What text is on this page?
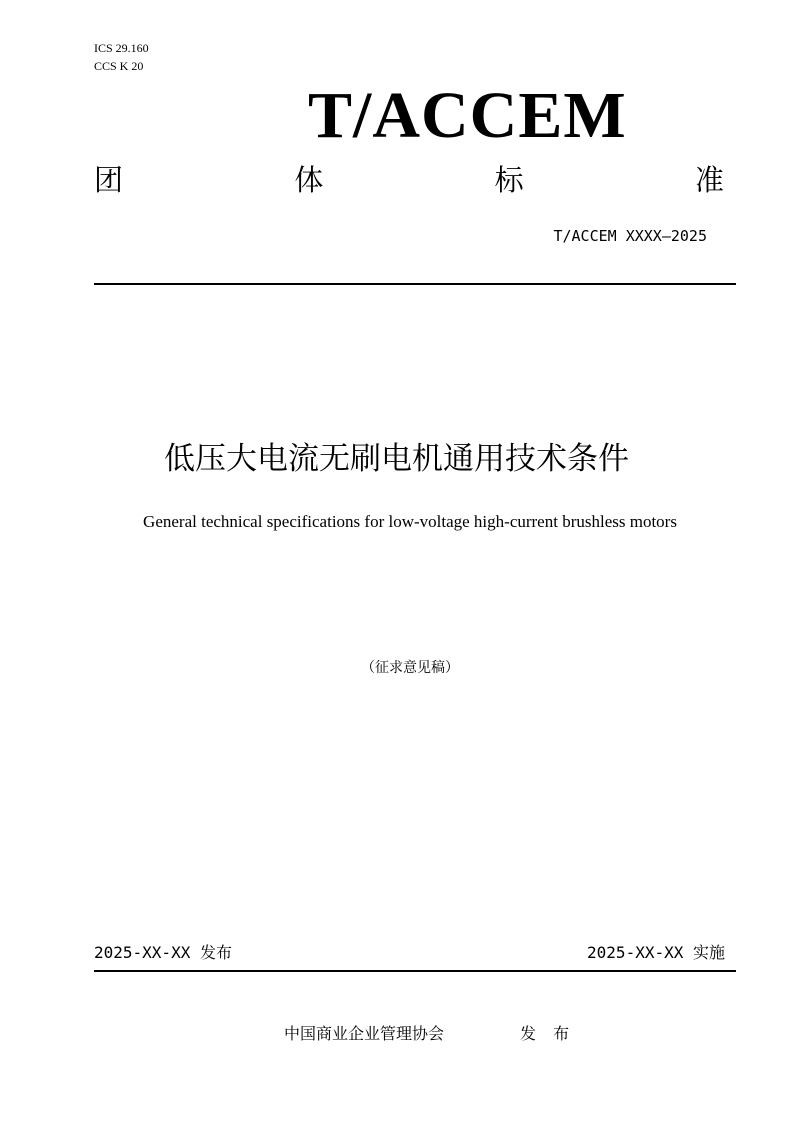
ICS 29.160
CCS K 20
T/ACCEM
团	体	标	准
T/ACCEM XXXX—2025
低压大电流无刷电机通用技术条件
General technical specifications for low-voltage high-current brushless motors
（征求意见稿）
2025-XX-XX 发布	2025-XX-XX 实施
中国商业企业管理协会	发 布
